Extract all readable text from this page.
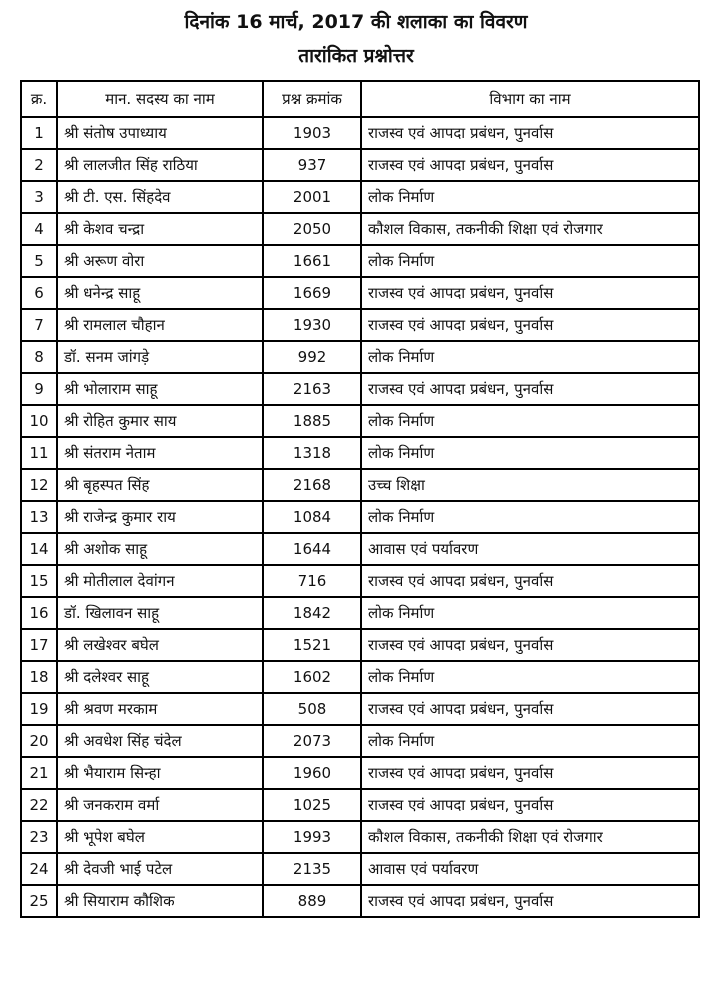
दिनांक 16 मार्च, 2017 की शलाका का विवरण
तारांकित प्रश्नोत्तर
क्र.	मान. सदस्य का नाम	प्रश्न क्रमांक	विभाग का नाम
1	श्री संतोष उपाध्याय	1903	राजस्व एवं आपदा प्रबंधन, पुनर्वास
2	श्री लालजीत सिंह राठिया	937	राजस्व एवं आपदा प्रबंधन, पुनर्वास
3	श्री टी. एस. सिंहदेव	2001	लोक निर्माण
4	श्री केशव चन्द्रा	2050	कौशल विकास, तकनीकी शिक्षा एवं रोजगार
5	श्री अरूण वोरा	1661	लोक निर्माण
6	श्री धनेन्द्र साहू	1669	राजस्व एवं आपदा प्रबंधन, पुनर्वास
7	श्री रामलाल चौहान	1930	राजस्व एवं आपदा प्रबंधन, पुनर्वास
8	डॉ. सनम जांगड़े	992	लोक निर्माण
9	श्री भोलाराम साहू	2163	राजस्व एवं आपदा प्रबंधन, पुनर्वास
10	श्री रोहित कुमार साय	1885	लोक निर्माण
11	श्री संतराम नेताम	1318	लोक निर्माण
12	श्री बृहस्पत सिंह	2168	उच्च शिक्षा
13	श्री राजेन्द्र कुमार राय	1084	लोक निर्माण
14	श्री अशोक साहू	1644	आवास एवं पर्यावरण
15	श्री मोतीलाल देवांगन	716	राजस्व एवं आपदा प्रबंधन, पुनर्वास
16	डॉ. खिलावन साहू	1842	लोक निर्माण
17	श्री लखेश्वर बघेल	1521	राजस्व एवं आपदा प्रबंधन, पुनर्वास
18	श्री दलेश्वर साहू	1602	लोक निर्माण
19	श्री श्रवण मरकाम	508	राजस्व एवं आपदा प्रबंधन, पुनर्वास
20	श्री अवधेश सिंह चंदेल	2073	लोक निर्माण
21	श्री भैयाराम सिन्हा	1960	राजस्व एवं आपदा प्रबंधन, पुनर्वास
22	श्री जनकराम वर्मा	1025	राजस्व एवं आपदा प्रबंधन, पुनर्वास
23	श्री भूपेश बघेल	1993	कौशल विकास, तकनीकी शिक्षा एवं रोजगार
24	श्री देवजी भाई पटेल	2135	आवास एवं पर्यावरण
25	श्री सियाराम कौशिक	889	राजस्व एवं आपदा प्रबंधन, पुनर्वास
